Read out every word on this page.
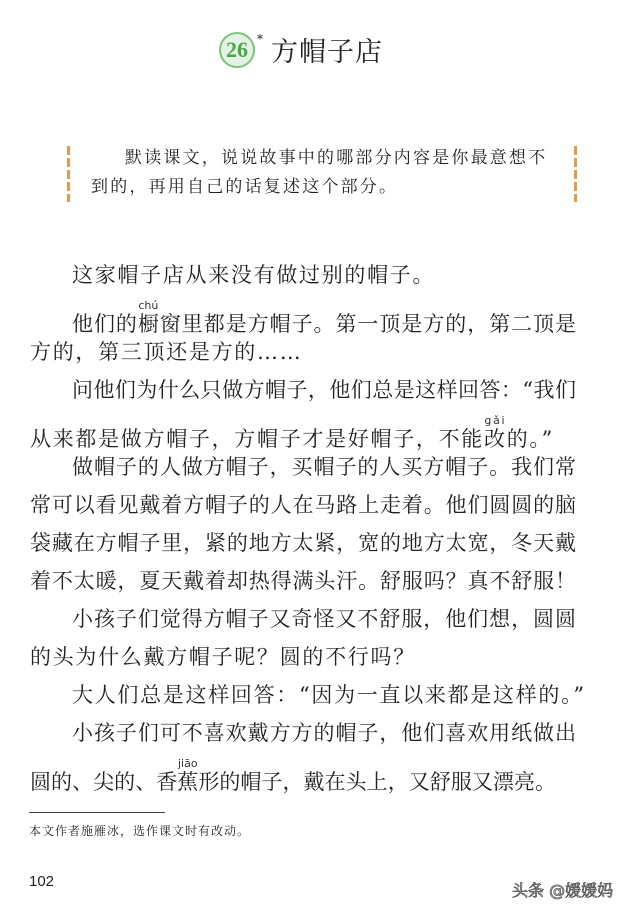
26 * 方帽子店
默读课文，说说故事中的哪部分内容是你最意想不到的，再用自己的话复述这个部分。
这家帽子店从来没有做过别的帽子。
他们的橱chú窗里都是方帽子。第一顶是方的，第二顶是
方的，第三顶还是方的……
问他们为什么只做方帽子，他们总是这样回答：“我们
从来都是做方帽子，方帽子才是好帽子，不能改gǎi的。”
做帽子的人做方帽子，买帽子的人买方帽子。我们常
常可以看见戴着方帽子的人在马路上走着。他们圆圆的脑
袋藏在方帽子里，紧的地方太紧，宽的地方太宽，冬天戴
着不太暖，夏天戴着却热得满头汗。舒服吗？真不舒服！
小孩子们觉得方帽子又奇怪又不舒服，他们想，圆圆
的头为什么戴方帽子呢？圆的不行吗？
大人们总是这样回答：“因为一直以来都是这样的。”
小孩子们可不喜欢戴方方的帽子，他们喜欢用纸做出
圆的、尖的、香蕉jiāo形的帽子，戴在头上，又舒服又漂亮。
本文作者施雁冰，选作课文时有改动。
102	头条 @媛媛妈
